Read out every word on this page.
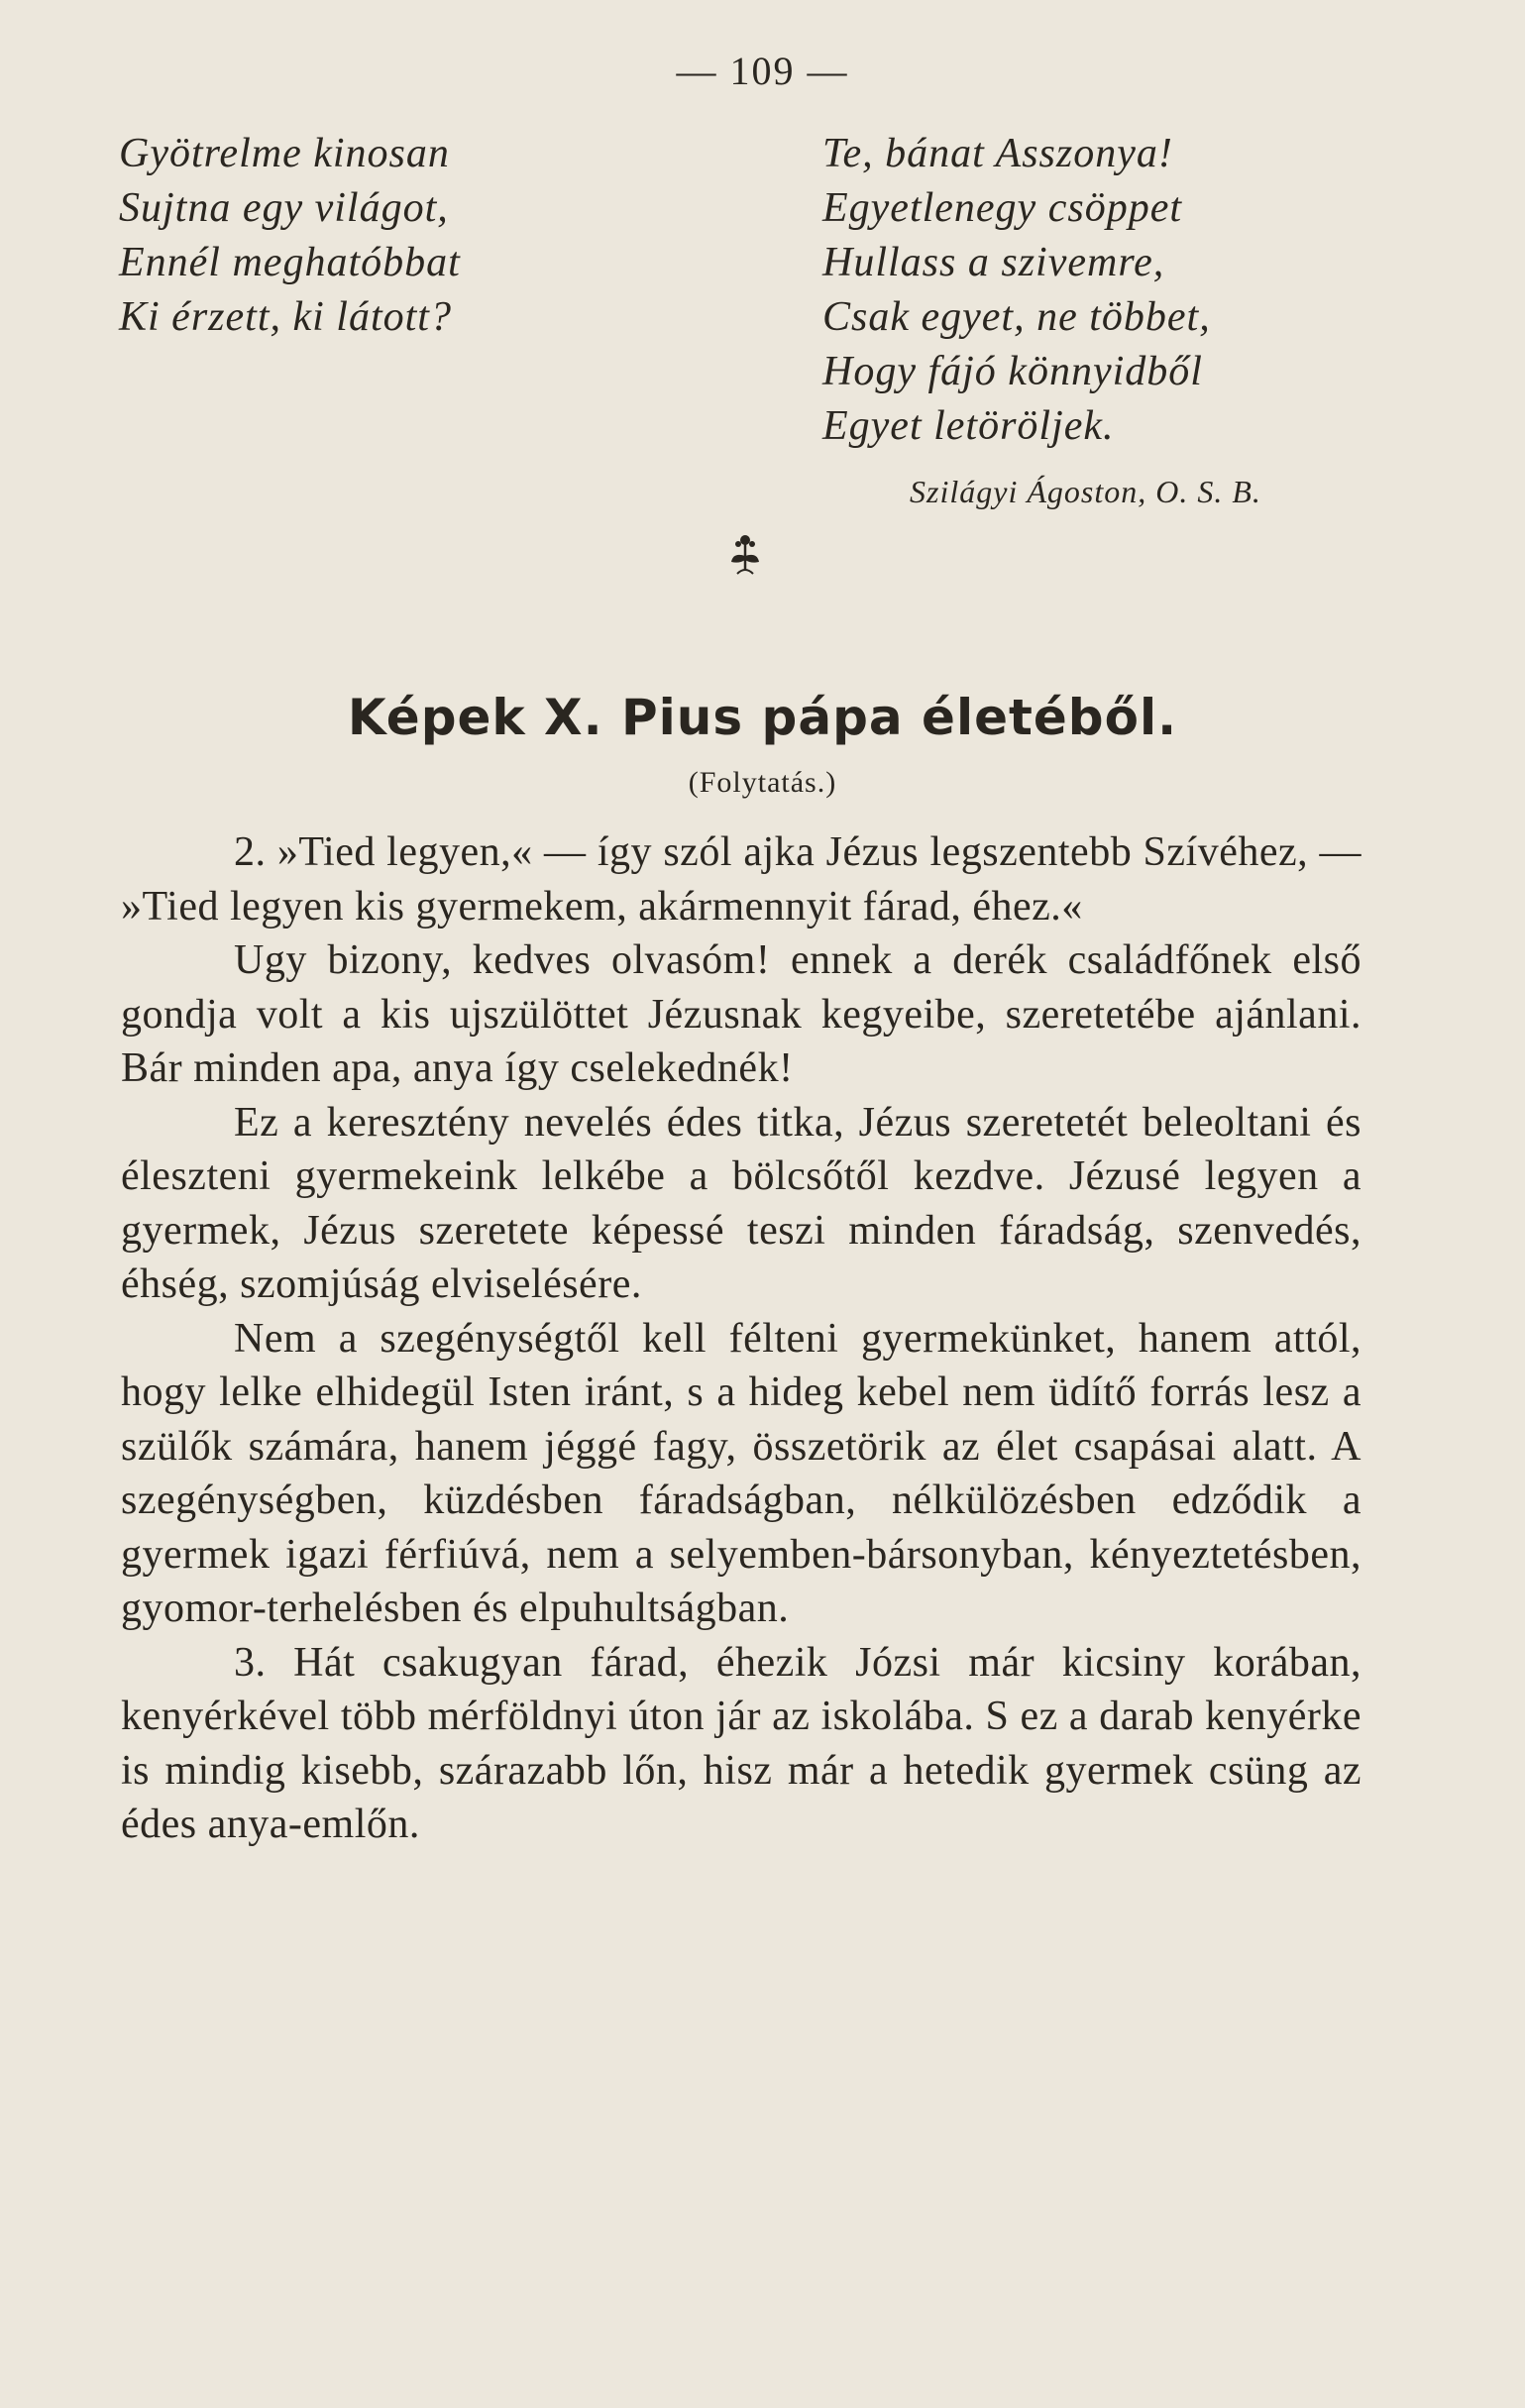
— 109 —
Gyötrelme kinosan
Sujtna egy világot,
Ennél meghatóbbat
Ki érzett, ki látott?
Te, bánat Asszonya!
Egyetlenegy csöppet
Hullass a szivemre,
Csak egyet, ne többet,
Hogy fájó könnyidből
Egyet letöröljek.
Szilágyi Ágoston, O. S. B.
Képek X. Pius pápa életéből.
(Folytatás.)

2. »Tied legyen,« — így szól ajka Jézus legszentebb Szívéhez, — »Tied legyen kis gyermekem, akármennyit fárad, éhez.«

Ugy bizony, kedves olvasóm! ennek a derék családfőnek első gondja volt a kis ujszülöttet Jézusnak kegyeibe, szeretetébe ajánlani. Bár minden apa, anya így cselekednék!

Ez a keresztény nevelés édes titka, Jézus szeretetét beleoltani és éleszteni gyermekeink lelkébe a bölcsőtől kezdve. Jézusé legyen a gyermek, Jézus szeretete képessé teszi minden fáradság, szenvedés, éhség, szomjúság elviselésére.

Nem a szegénységtől kell félteni gyermekünket, hanem attól, hogy lelke elhidegül Isten iránt, s a hideg kebel nem üdítő forrás lesz a szülők számára, hanem jéggé fagy, összetörik az élet csapásai alatt. A szegénységben, küzdésben fáradságban, nélkülözésben edződik a gyermek igazi férfiúvá, nem a selyemben-bársonyban, kényeztetésben, gyomor-terhelésben és elpuhultságban.

3. Hát csakugyan fárad, éhezik Józsi már kicsiny korában, kenyérkével több mérföldnyi úton jár az iskolába. S ez a darab kenyérke is mindig kisebb, szárazabb lőn, hisz már a hetedik gyermek csüng az édes anya-emlőn.
